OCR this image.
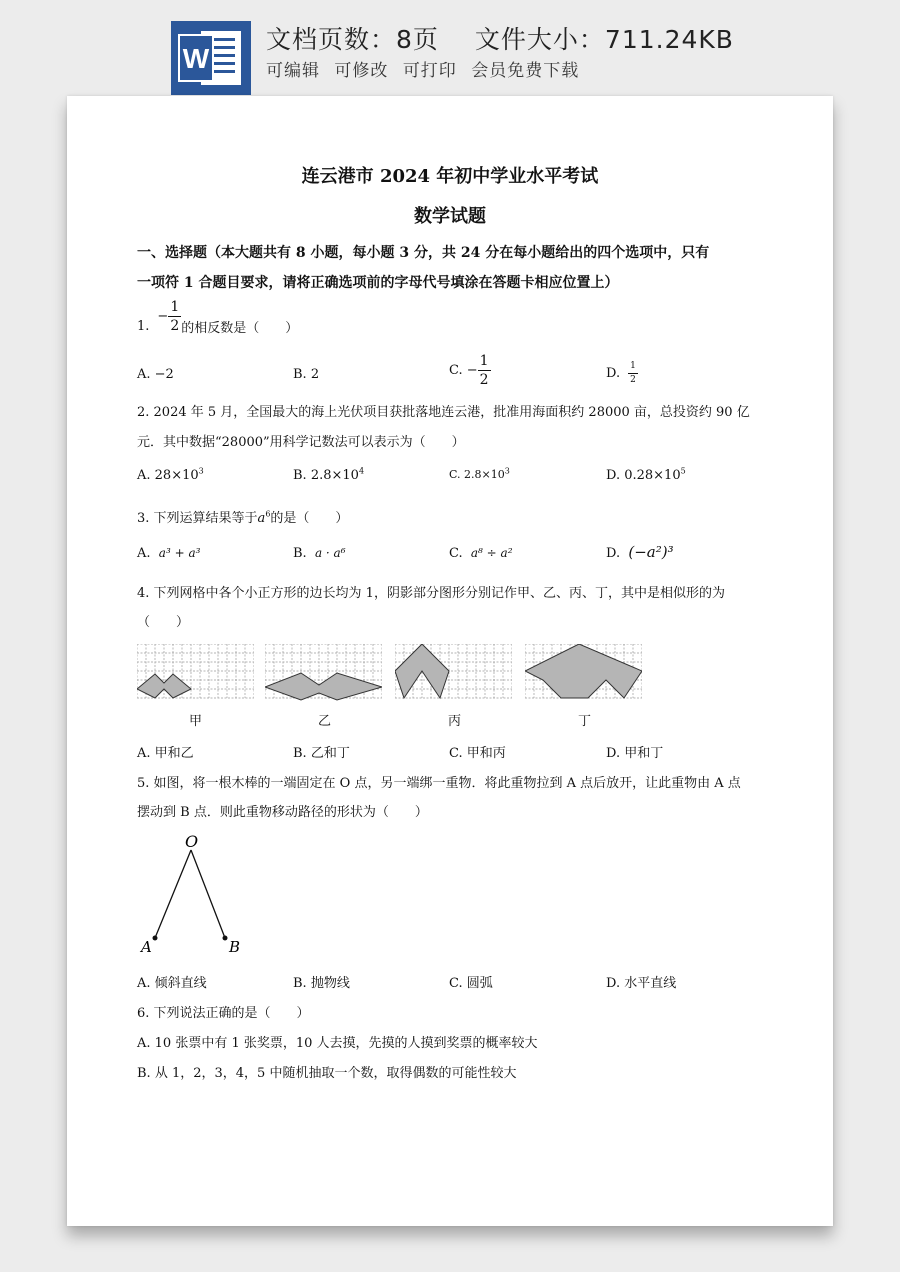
W
文档页数：8页 文件大小：711.24KB
可编辑 可修改 可打印 会员免费下载
连云港市 2024 年初中学业水平考试
数学试题
一、选择题（本大题共有 8 小题，每小题 3 分，共 24 分在每小题给出的四个选项中，只有
一项符 1 合题目要求，请将正确选项前的字母代号填涂在答题卡相应位置上）
1.
− $\frac{1}{2}$ 的相反数是（　　）
A. −2	B. 2	C. − $\frac{1}{2}$	D. $\frac{1}{2}$
2. 2024 年 5 月，全国最大的海上光伏项目获批落地连云港，批准用海面积约 28000 亩，总投资约 90 亿
元．其中数据“28000”用科学记数法可以表示为（　　）
A. $28\times 10^3$	B. $2.8\times 10^4$	C. $2.8\times 10^3$	D. $0.28\times 10^5$
3. 下列运算结果等于$a^6$的是（　　）
A. a³ + a³	B. a · a⁶	C. a⁸ ÷ a²	D. (−a²)³
4. 下列网格中各个小正方形的边长均为 1，阴影部分图形分别记作甲、乙、丙、丁，其中是相似形的为
（　　）
甲	乙	丙	丁
A. 甲和乙	B. 乙和丁	C. 甲和丙	D. 甲和丁
5. 如图，将一根木棒的一端固定在 O 点，另一端绑一重物．将此重物拉到 A 点后放开，让此重物由 A 点
摆动到 B 点．则此重物移动路径的形状为（　　）
O
A	B
A. 倾斜直线	B. 抛物线	C. 圆弧	D. 水平直线
6. 下列说法正确的是（　　）
A. 10 张票中有 1 张奖票，10 人去摸，先摸的人摸到奖票的概率较大
B. 从 1，2，3，4，5 中随机抽取一个数，取得偶数的可能性较大
